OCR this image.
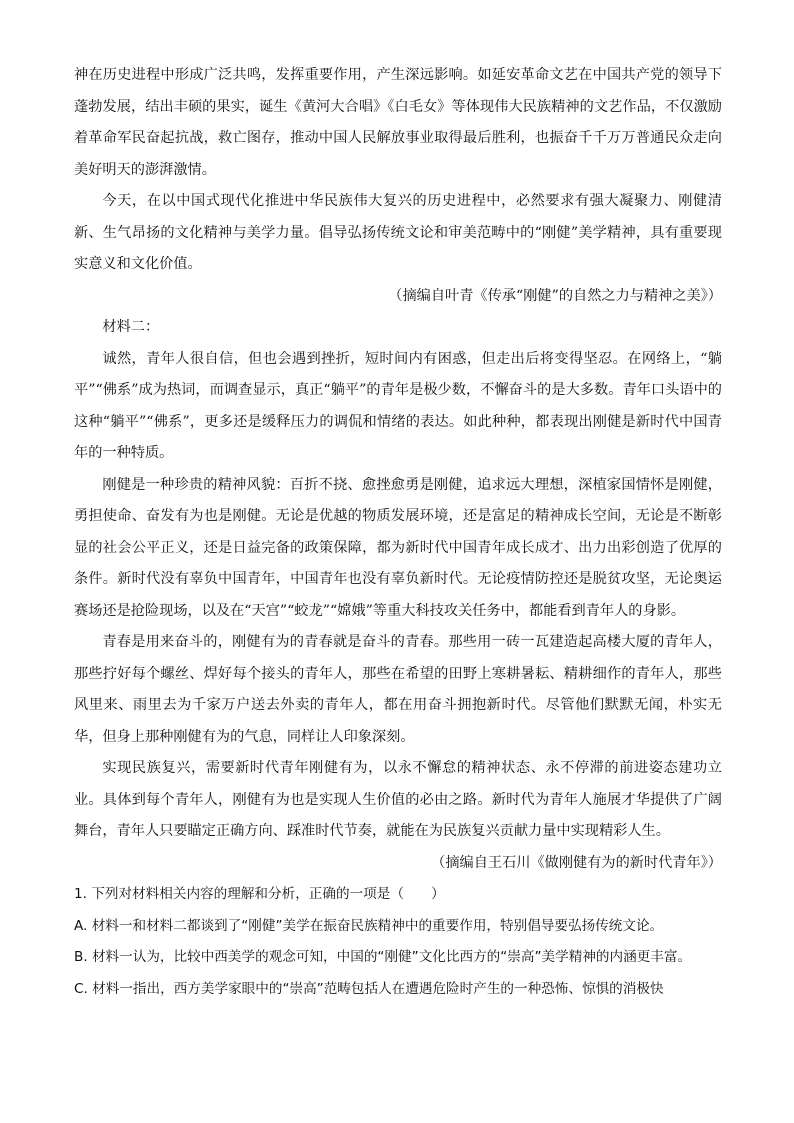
神在历史进程中形成广泛共鸣，发挥重要作用，产生深远影响。如延安革命文艺在中国共产党的领导下蓬勃发展，结出丰硕的果实，诞生《黄河大合唱》《白毛女》等体现伟大民族精神的文艺作品，不仅激励着革命军民奋起抗战，救亡图存，推动中国人民解放事业取得最后胜利，也振奋千千万万普通民众走向美好明天的澎湃激情。

今天，在以中国式现代化推进中华民族伟大复兴的历史进程中，必然要求有强大凝聚力、刚健清新、生气昂扬的文化精神与美学力量。倡导弘扬传统文论和审美范畴中的“刚健”美学精神，具有重要现实意义和文化价值。

（摘编自叶青《传承“刚健”的自然之力与精神之美》）

材料二：

诚然，青年人很自信，但也会遇到挫折，短时间内有困惑，但走出后将变得坚忍。在网络上，“躺平”“佛系”成为热词，而调查显示，真正“躺平”的青年是极少数，不懈奋斗的是大多数。青年口头语中的这种“躺平”“佛系”，更多还是缓释压力的调侃和情绪的表达。如此种种，都表现出刚健是新时代中国青年的一种特质。

刚健是一种珍贵的精神风貌：百折不挠、愈挫愈勇是刚健，追求远大理想，深植家国情怀是刚健，勇担使命、奋发有为也是刚健。无论是优越的物质发展环境，还是富足的精神成长空间，无论是不断彰显的社会公平正义，还是日益完备的政策保障，都为新时代中国青年成长成才、出力出彩创造了优厚的条件。新时代没有辜负中国青年，中国青年也没有辜负新时代。无论疫情防控还是脱贫攻坚，无论奥运赛场还是抢险现场，以及在“天宫”“蛟龙”“嫦娥”等重大科技攻关任务中，都能看到青年人的身影。

青春是用来奋斗的，刚健有为的青春就是奋斗的青春。那些用一砖一瓦建造起高楼大厦的青年人，那些拧好每个螺丝、焊好每个接头的青年人，那些在希望的田野上寒耕暑耘、精耕细作的青年人，那些风里来、雨里去为千家万户送去外卖的青年人，都在用奋斗拥抱新时代。尽管他们默默无闻，朴实无华，但身上那种刚健有为的气息，同样让人印象深刻。

实现民族复兴，需要新时代青年刚健有为，以永不懈怠的精神状态、永不停滞的前进姿态建功立业。具体到每个青年人，刚健有为也是实现人生价值的必由之路。新时代为青年人施展才华提供了广阔舞台，青年人只要瞄定正确方向、踩准时代节奏，就能在为民族复兴贡献力量中实现精彩人生。

（摘编自王石川《做刚健有为的新时代青年》）

1. 下列对材料相关内容的理解和分析，正确的一项是（　　）

A. 材料一和材料二都谈到了“刚健”美学在振奋民族精神中的重要作用，特别倡导要弘扬传统文论。

B. 材料一认为，比较中西美学的观念可知，中国的“刚健”文化比西方的“崇高”美学精神的内涵更丰富。

C. 材料一指出，西方美学家眼中的“崇高”范畴包括人在遭遇危险时产生的一种恐怖、惊惧的消极快
